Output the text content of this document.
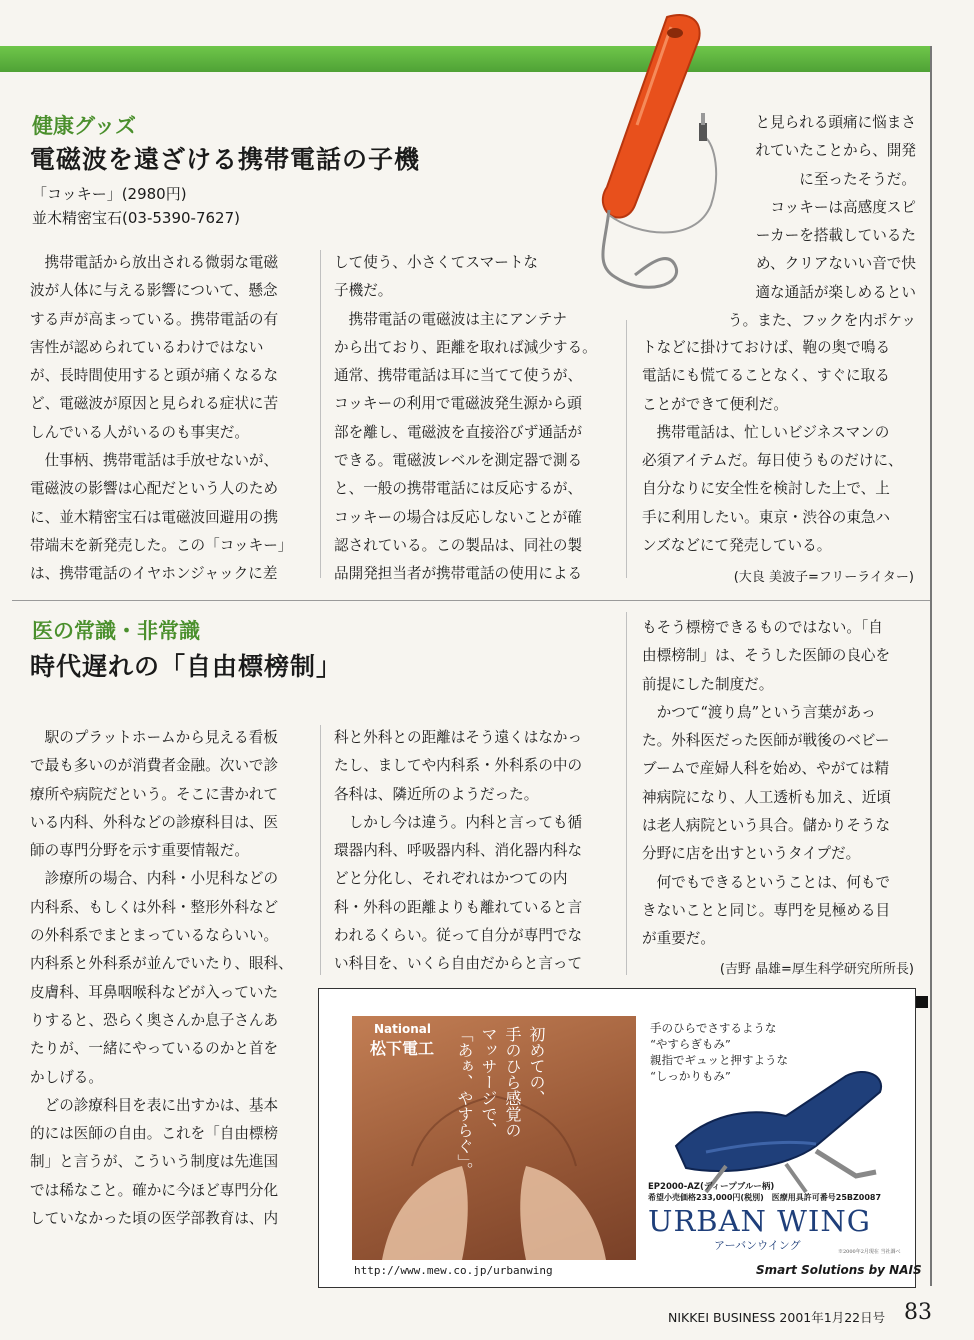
健康グッズ
電磁波を遠ざける携帯電話の子機
「コッキー」(2980円)
並木精密宝石(03-5390-7627)
　携帯電話から放出される微弱な電磁
波が人体に与える影響について、懸念
する声が高まっている。携帯電話の有
害性が認められているわけではない
が、長時間使用すると頭が痛くなるな
ど、電磁波が原因と見られる症状に苦
しんでいる人がいるのも事実だ。
　仕事柄、携帯電話は手放せないが、
電磁波の影響は心配だという人のため
に、並木精密宝石は電磁波回避用の携
帯端末を新発売した。この「コッキー」
は、携帯電話のイヤホンジャックに差
して使う、小さくてスマートな
子機だ。
　携帯電話の電磁波は主にアンテナ
から出ており、距離を取れば減少する。
通常、携帯電話は耳に当てて使うが、
コッキーの利用で電磁波発生源から頭
部を離し、電磁波を直接浴びず通話が
できる。電磁波レベルを測定器で測る
と、一般の携帯電話には反応するが、
コッキーの場合は反応しないことが確
認されている。この製品は、同社の製
品開発担当者が携帯電話の使用による
と見られる頭痛に悩まさ
れていたことから、開発
に至ったそうだ。
　コッキーは高感度スピ
ーカーを搭載しているた
め、クリアないい音で快
適な通話が楽しめるとい
う。また、フックを内ポケッ
トなどに掛けておけば、鞄の奥で鳴る
電話にも慌てることなく、すぐに取る
ことができて便利だ。
　携帯電話は、忙しいビジネスマンの
必須アイテムだ。毎日使うものだけに、
自分なりに安全性を検討した上で、上
手に利用したい。東京・渋谷の東急ハ
ンズなどにて発売している。
(大良 美波子=フリーライター)
医の常識・非常識
時代遅れの「自由標榜制」
　駅のプラットホームから見える看板
で最も多いのが消費者金融。次いで診
療所や病院だという。そこに書かれて
いる内科、外科などの診療科目は、医
師の専門分野を示す重要情報だ。
　診療所の場合、内科・小児科などの
内科系、もしくは外科・整形外科など
の外科系でまとまっているならいい。
内科系と外科系が並んでいたり、眼科、
皮膚科、耳鼻咽喉科などが入っていた
りすると、恐らく奥さんか息子さんあ
たりが、一緒にやっているのかと首を
かしげる。
　どの診療科目を表に出すかは、基本
的には医師の自由。これを「自由標榜
制」と言うが、こういう制度は先進国
では稀なこと。確かに今ほど専門分化
していなかった頃の医学部教育は、内
科と外科との距離はそう遠くはなかっ
たし、ましてや内科系・外科系の中の
各科は、隣近所のようだった。
　しかし今は違う。内科と言っても循
環器内科、呼吸器内科、消化器内科な
どと分化し、それぞれはかつての内
科・外科の距離よりも離れていると言
われるくらい。従って自分が専門でな
い科目を、いくら自由だからと言って
もそう標榜できるものではない。「自
由標榜制」は、そうした医師の良心を
前提にした制度だ。
　かつて“渡り鳥”という言葉があっ
た。外科医だった医師が戦後のベビー
ブームで産婦人科を始め、やがては精
神病院になり、人工透析も加え、近頃
は老人病院という具合。儲かりそうな
分野に店を出すというタイプだ。
　何でもできるということは、何もで
きないことと同じ。専門を見極める目
が重要だ。
(吉野 晶雄=厚生科学研究所所長)
National
松下電工	初めての、
手のひら感覚の
マッサージで、
「あぁ、やすらぐ」。	手のひらでさするような
“やすらぎもみ”
親指でギュッと押すような
“しっかりもみ”
EP2000-AZ(ディープブルー柄)
希望小売価格233,000円(税別)　医療用具許可番号25BZ0087
URBAN WING
アーバンウイング	※2000年2月現在 当社調べ
http://www.mew.co.jp/urbanwing	Smart Solutions by NAIS
NIKKEI BUSINESS 2001年1月22日号 83
